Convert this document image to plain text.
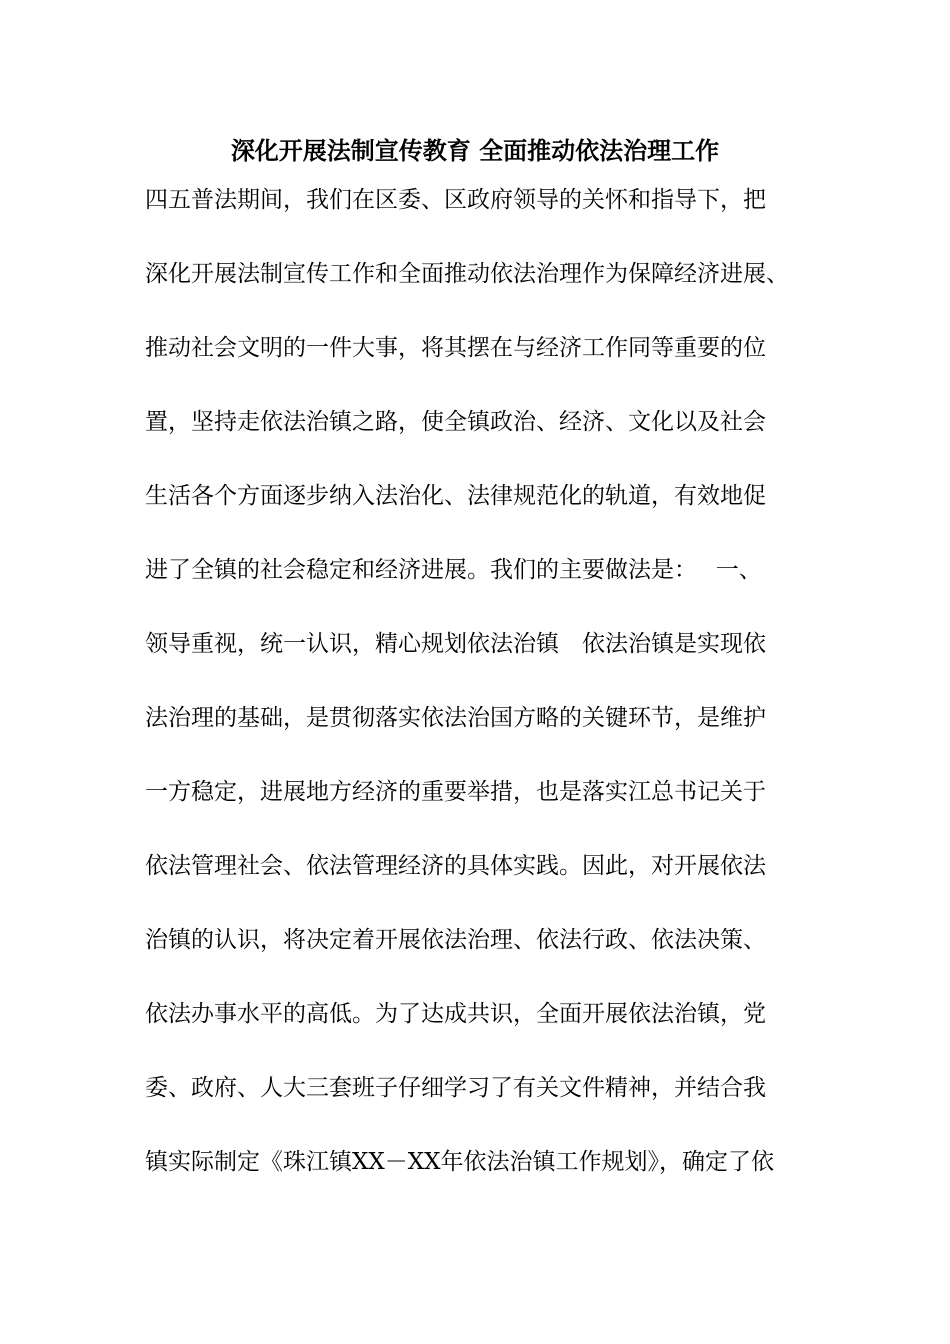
深化开展法制宣传教育 全面推动依法治理工作
四五普法期间，我们在区委、区政府领导的关怀和指导下，把
深化开展法制宣传工作和全面推动依法治理作为保障经济进展、
推动社会文明的一件大事，将其摆在与经济工作同等重要的位
置，坚持走依法治镇之路，使全镇政治、经济、文化以及社会
生活各个方面逐步纳入法治化、法律规范化的轨道，有效地促
进了全镇的社会稳定和经济进展。我们的主要做法是：　 一、
领导重视，统一认识，精心规划依法治镇　依法治镇是实现依
法治理的基础，是贯彻落实依法治国方略的关键环节，是维护
一方稳定，进展地方经济的重要举措，也是落实江总书记关于
依法管理社会、依法管理经济的具体实践。因此，对开展依法
治镇的认识，将决定着开展依法治理、依法行政、依法决策、
依法办事水平的高低。为了达成共识，全面开展依法治镇，党
委、政府、人大三套班子仔细学习了有关文件精神，并结合我
镇实际制定《珠江镇XX－XX年依法治镇工作规划》，确定了依
